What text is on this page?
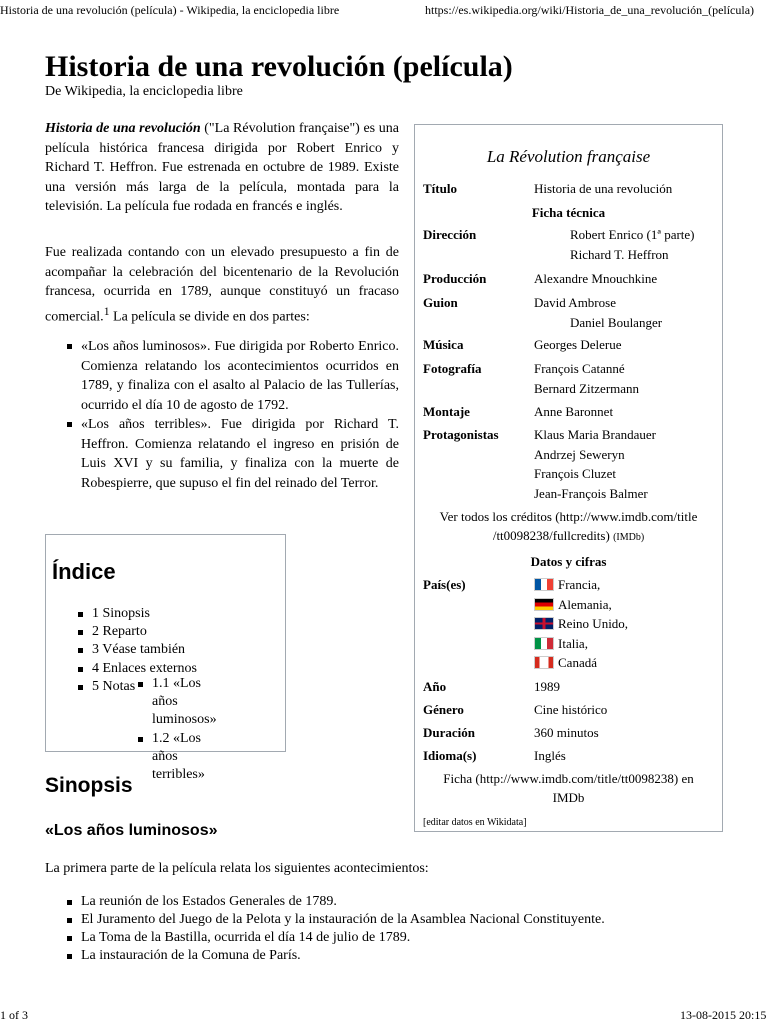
Historia de una revolución (película) - Wikipedia, la enciclopedia libre	https://es.wikipedia.org/wiki/Historia_de_una_revolución_(película)
Historia de una revolución (película)
De Wikipedia, la enciclopedia libre

Historia de una revolución ("La Révolution française") es una película histórica francesa dirigida por Robert Enrico y Richard T. Heffron. Fue estrenada en octubre de 1989. Existe una versión más larga de la película, montada para la televisión. La película fue rodada en francés e inglés.

Fue realizada contando con un elevado presupuesto a fin de acompañar la celebración del bicentenario de la Revolución francesa, ocurrida en 1789, aunque constituyó un fracaso comercial.$^1$ La película se divide en dos partes:

«Los años luminosos». Fue dirigida por Roberto Enrico. Comienza relatando los acontecimientos ocurridos en 1789, y finaliza con el asalto al Palacio de las Tullerías, ocurrido el día 10 de agosto de 1792.
«Los años terribles». Fue dirigida por Richard T. Heffron. Comienza relatando el ingreso en prisión de Luis XVI y su familia, y finaliza con la muerte de Robespierre, que supuso el fin del reinado del Terror.
Índice
1 Sinopsis
1.1 «Los años luminosos»
1.2 «Los años terribles»
2 Reparto
3 Véase también
4 Enlaces externos
5 Notas
Sinopsis
«Los años luminosos»
La primera parte de la película relata los siguientes acontecimientos:
La reunión de los Estados Generales de 1789.
El Juramento del Juego de la Pelota y la instauración de la Asamblea Nacional Constituyente.
La Toma de la Bastilla, ocurrida el día 14 de julio de 1789.
La instauración de la Comuna de París.
La Révolution française
Título	Historia de una revolución
Ficha técnica
Dirección	Robert Enrico (1ª parte)
Richard T. Heffron
Producción	Alexandre Mnouchkine
Guion	David Ambrose
Daniel Boulanger
Música	Georges Delerue
Fotografía	François Catanné
Bernard Zitzermann
Montaje	Anne Baronnet
Protagonistas	Klaus Maria Brandauer
Andrzej Seweryn
François Cluzet
Jean-François Balmer
Ver todos los créditos (http://www.imdb.com/title
/tt0098238/fullcredits) (IMDb)
Datos y cifras
País(es)	Francia,
Alemania,
Reino Unido,
Italia,
Canadá
Año	1989
Género	Cine histórico
Duración	360 minutos
Idioma(s)	Inglés
Ficha (http://www.imdb.com/title/tt0098238) en
IMDb
[editar datos en Wikidata]
1 of 3	13-08-2015 20:15
